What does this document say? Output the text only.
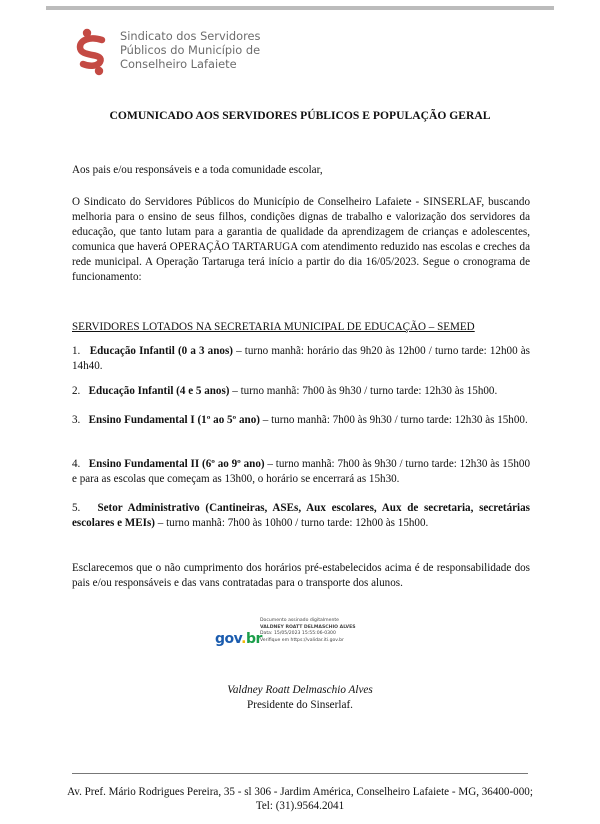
Sindicato dos Servidores
Públicos do Município de
Conselheiro Lafaiete
COMUNICADO AOS SERVIDORES PÚBLICOS E POPULAÇÃO GERAL
Aos pais e/ou responsáveis e a toda comunidade escolar,
O Sindicato do Servidores Públicos do Município de Conselheiro Lafaiete - SINSERLAF, buscando melhoria para o ensino de seus filhos, condições dignas de trabalho e valorização dos servidores da educação, que tanto lutam para a garantia de qualidade da aprendizagem de crianças e adolescentes, comunica que haverá OPERAÇÃO TARTARUGA com atendimento reduzido nas escolas e creches da rede municipal. A Operação Tartaruga terá início a partir do dia 16/05/2023. Segue o cronograma de funcionamento:
SERVIDORES LOTADOS NA SECRETARIA MUNICIPAL DE EDUCAÇÃO – SEMED
1. Educação Infantil (0 a 3 anos) – turno manhã: horário das 9h20 às 12h00 / turno tarde: 12h00 às 14h40.
2. Educação Infantil (4 e 5 anos) – turno manhã: 7h00 às 9h30 / turno tarde: 12h30 às 15h00.
3. Ensino Fundamental I (1º ao 5º ano) – turno manhã: 7h00 às 9h30 / turno tarde: 12h30 às 15h00.
4. Ensino Fundamental II (6º ao 9º ano) – turno manhã: 7h00 às 9h30 / turno tarde: 12h30 às 15h00 e para as escolas que começam as 13h00, o horário se encerrará as 15h30.
5. Setor Administrativo (Cantineiras, ASEs, Aux escolares, Aux de secretaria, secretárias escolares e MEIs) – turno manhã: 7h00 às 10h00 / turno tarde: 12h00 às 15h00.
Esclarecemos que o não cumprimento dos horários pré-estabelecidos acima é de responsabilidade dos pais e/ou responsáveis e das vans contratadas para o transporte dos alunos.
gov.br
Documento assinado digitalmente
VALDNEY ROATT DELMASCHIO ALVES
Data: 15/05/2023 15:55:06-0300
Verifique em https://validar.iti.gov.br
Valdney Roatt Delmaschio Alves
Presidente do Sinserlaf.
Av. Pref. Mário Rodrigues Pereira, 35 - sl 306 - Jardim América, Conselheiro Lafaiete - MG, 36400-000; Tel: (31).9564.2041
